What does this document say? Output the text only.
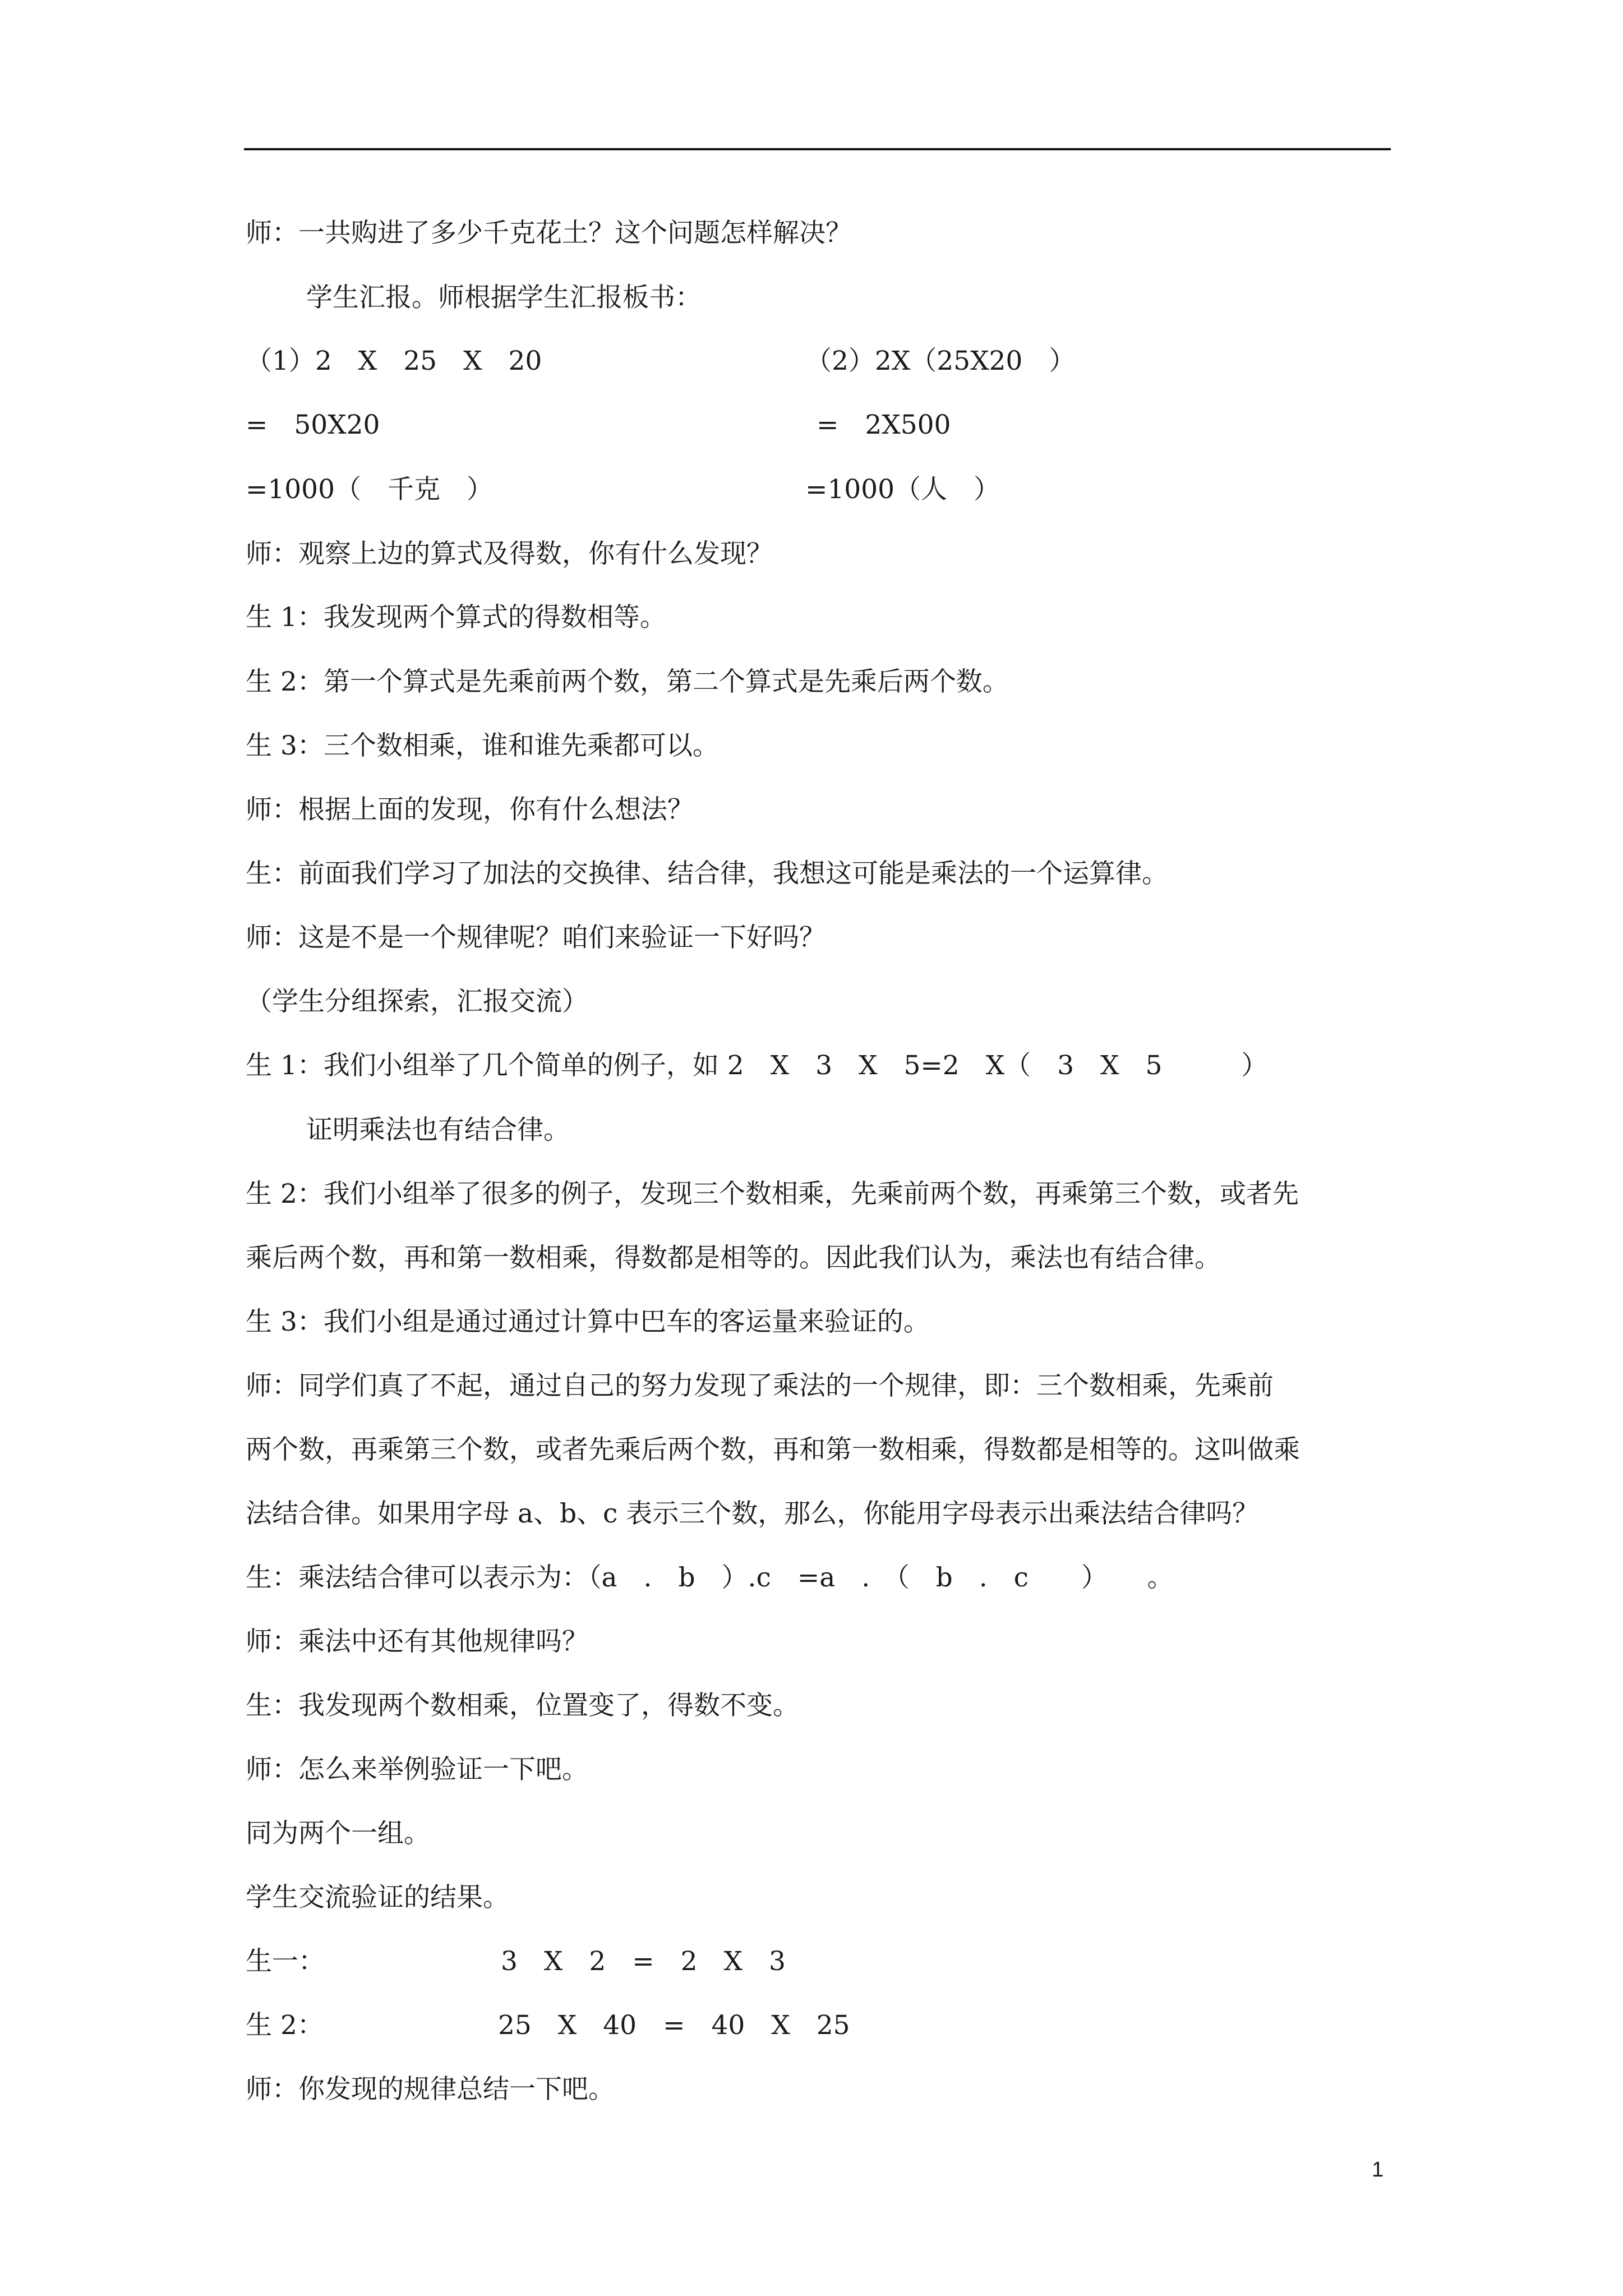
师：一共购进了多少千克花土？这个问题怎样解决？
学生汇报。师根据学生汇报板书：
（1）2　X　25　X　20	（2）2X（25X20　）
=　50X20	=　2X500
=1000（　千克　）	=1000（人　）
师：观察上边的算式及得数，你有什么发现？
生 1：我发现两个算式的得数相等。
生 2：第一个算式是先乘前两个数，第二个算式是先乘后两个数。
生 3：三个数相乘，谁和谁先乘都可以。
师：根据上面的发现，你有什么想法？
生：前面我们学习了加法的交换律、结合律，我想这可能是乘法的一个运算律。
师：这是不是一个规律呢？咱们来验证一下好吗？
（学生分组探索，汇报交流）
生 1：我们小组举了几个简单的例子，如 2　X　3　X　5=2　X（　3　X　5　　　）
证明乘法也有结合律。
生 2：我们小组举了很多的例子，发现三个数相乘，先乘前两个数，再乘第三个数，或者先
乘后两个数，再和第一数相乘，得数都是相等的。因此我们认为，乘法也有结合律。
生 3：我们小组是通过通过计算中巴车的客运量来验证的。
师：同学们真了不起，通过自己的努力发现了乘法的一个规律，即：三个数相乘，先乘前
两个数，再乘第三个数，或者先乘后两个数，再和第一数相乘，得数都是相等的。这叫做乘
法结合律。如果用字母 a、b、c 表示三个数，那么，你能用字母表示出乘法结合律吗？
生：乘法结合律可以表示为：（a　.　b　）.c　=a　.　（　b　.　c　　）　　。
师：乘法中还有其他规律吗？
生：我发现两个数相乘，位置变了，得数不变。
师：怎么来举例验证一下吧。
同为两个一组。
学生交流验证的结果。
生一：	3　X　2　=　2　X　3
生 2：	25　X　40　=　40　X　25
师：你发现的规律总结一下吧。
1
